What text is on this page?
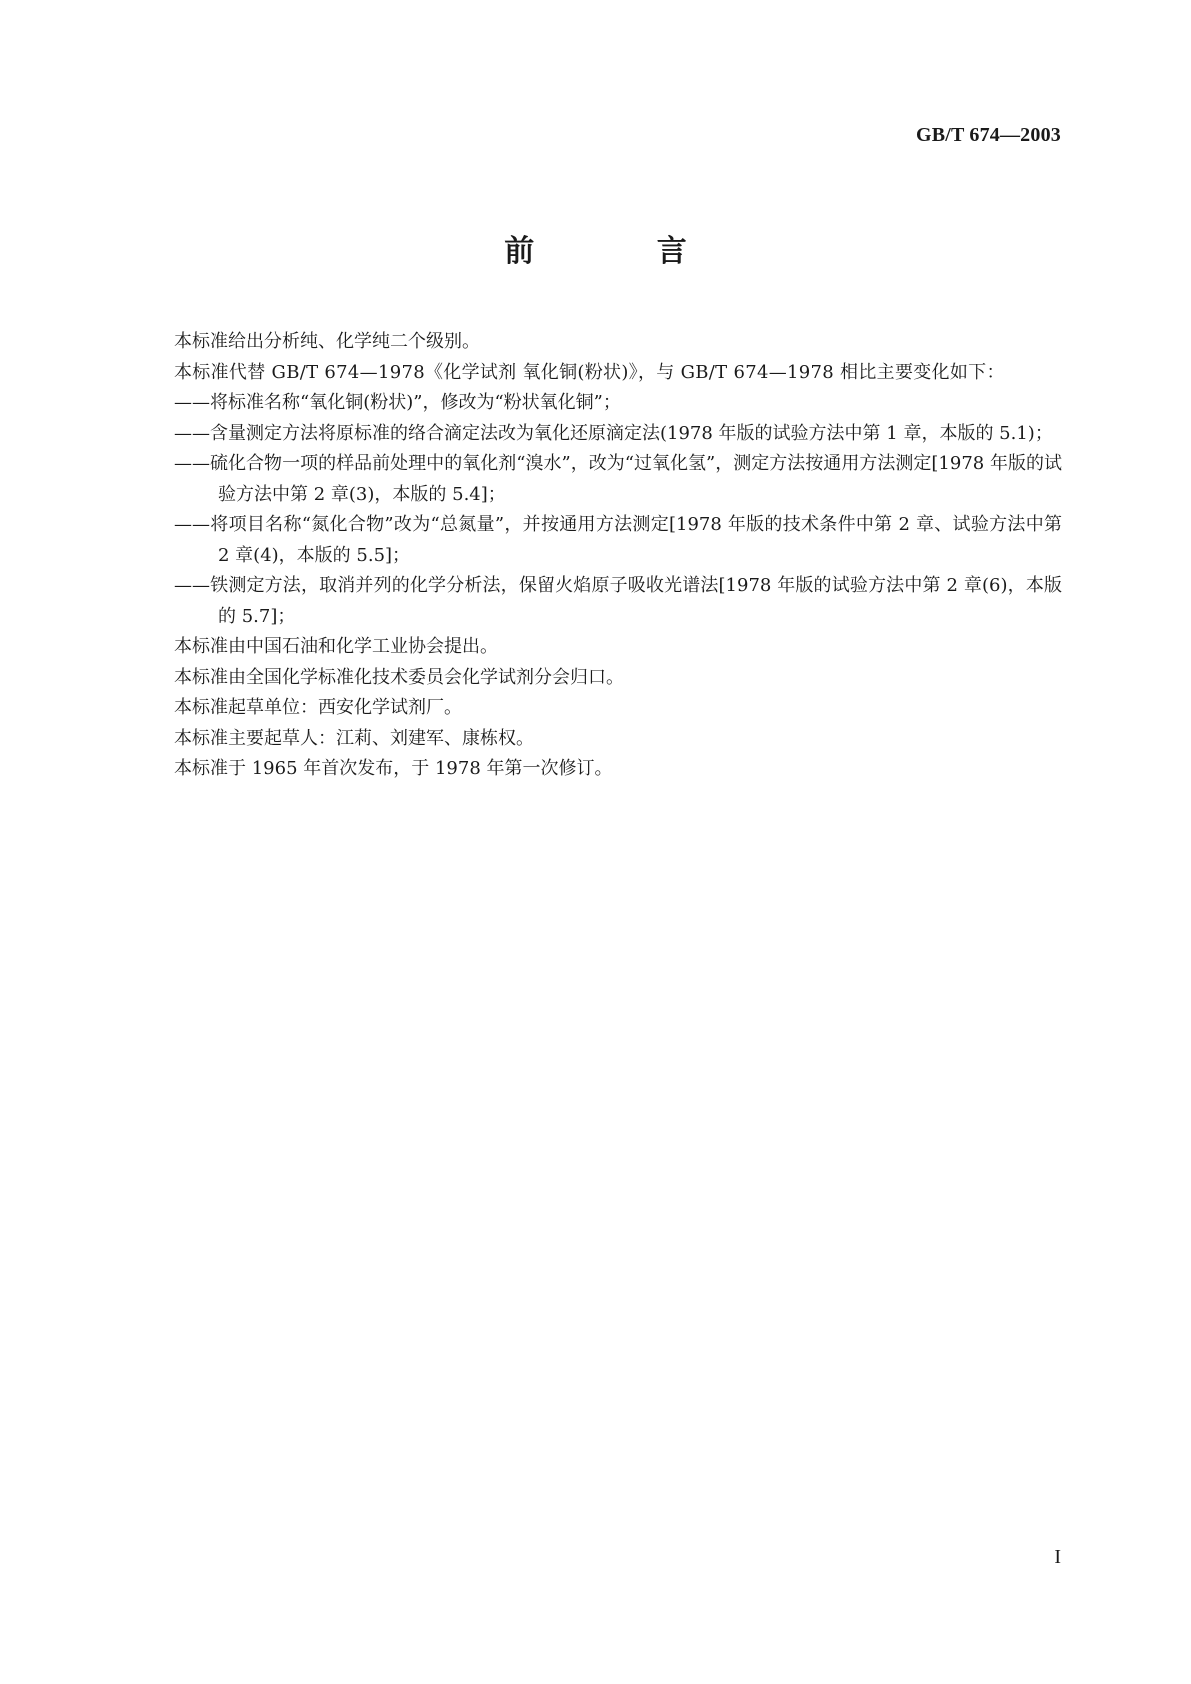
GB/T 674—2003
前 言

本标准给出分析纯、化学纯二个级别。

本标准代替 GB/T 674—1978《化学试剂 氧化铜(粉状)》，与 GB/T 674—1978 相比主要变化如下：

——将标准名称“氧化铜(粉状)”，修改为“粉状氧化铜”；

——含量测定方法将原标准的络合滴定法改为氧化还原滴定法(1978 年版的试验方法中第 1 章，本版的 5.1)；

——硫化合物一项的样品前处理中的氧化剂“溴水”，改为“过氧化氢”，测定方法按通用方法测定[1978 年版的试验方法中第 2 章(3)，本版的 5.4]；

——将项目名称“氮化合物”改为“总氮量”，并按通用方法测定[1978 年版的技术条件中第 2 章、试验方法中第 2 章(4)，本版的 5.5]；

——铁测定方法，取消并列的化学分析法，保留火焰原子吸收光谱法[1978 年版的试验方法中第 2 章(6)，本版的 5.7]；

本标准由中国石油和化学工业协会提出。

本标准由全国化学标准化技术委员会化学试剂分会归口。

本标准起草单位：西安化学试剂厂。

本标准主要起草人：江莉、刘建军、康栋权。

本标准于 1965 年首次发布，于 1978 年第一次修订。

I
